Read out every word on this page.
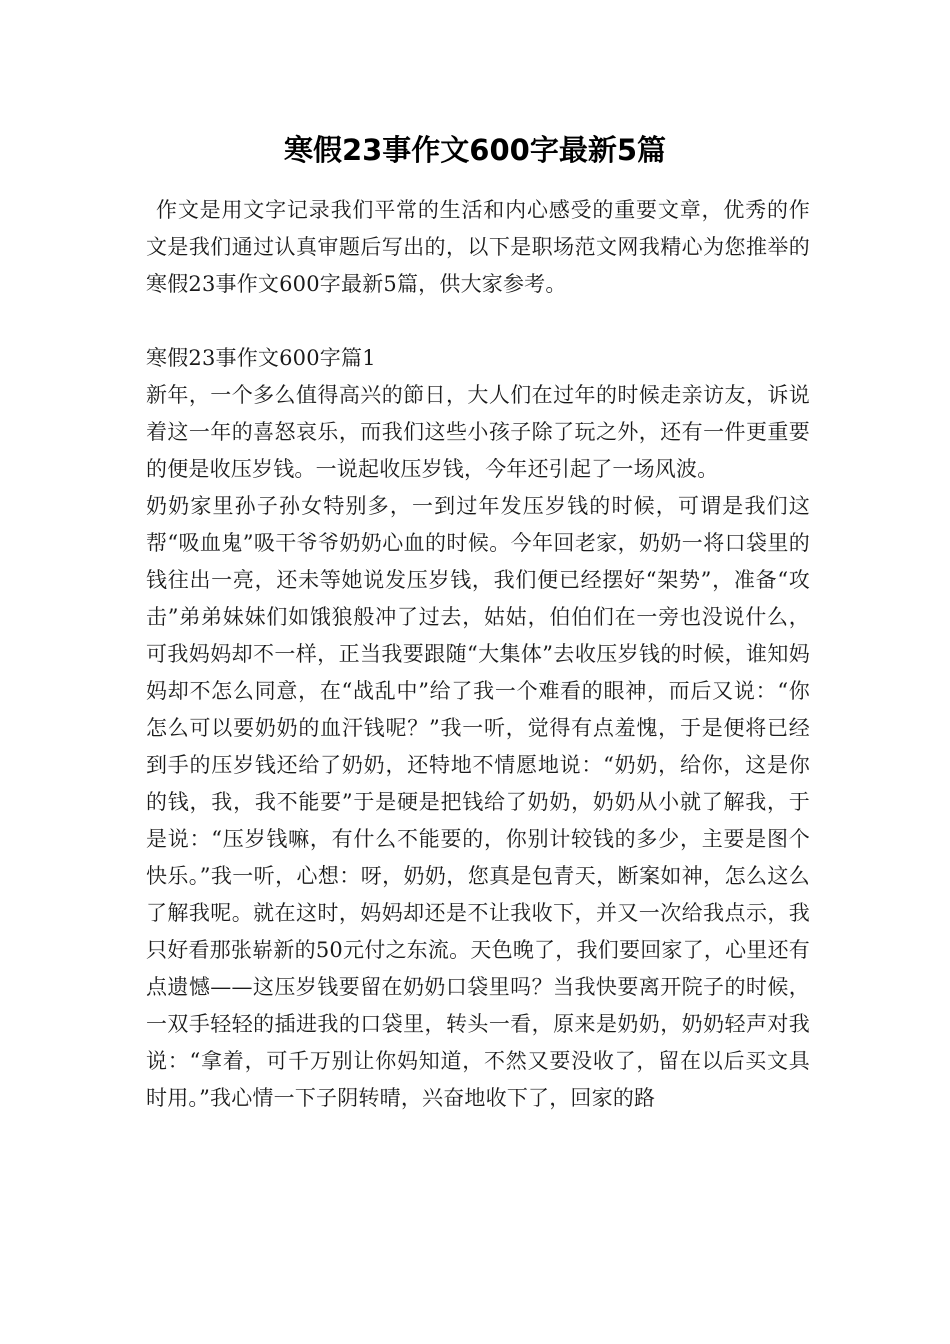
寒假23事作文600字最新5篇

作文是用文字记录我们平常的生活和内心感受的重要文章，优秀的作文是我们通过认真审题后写出的，以下是职场范文网我精心为您推举的寒假23事作文600字最新5篇，供大家参考。

寒假23事作文600字篇1

新年，一个多么值得高兴的節日，大人们在过年的时候走亲访友，诉说着这一年的喜怒哀乐，而我们这些小孩子除了玩之外，还有一件更重要的便是收压岁钱。一说起收压岁钱，今年还引起了一场风波。

奶奶家里孙子孙女特别多，一到过年发压岁钱的时候，可谓是我们这帮“吸血鬼”吸干爷爷奶奶心血的时候。今年回老家，奶奶一将口袋里的钱往出一亮，还未等她说发压岁钱，我们便已经摆好“架势”，准备“攻击”弟弟妹妹们如饿狼般冲了过去，姑姑，伯伯们在一旁也没说什么，可我妈妈却不一样，正当我要跟随“大集体”去收压岁钱的时候，谁知妈妈却不怎么同意，在“战乱中”给了我一个难看的眼神，而后又说：“你怎么可以要奶奶的血汗钱呢？”我一听，觉得有点羞愧，于是便将已经到手的压岁钱还给了奶奶，还特地不情愿地说：“奶奶，给你，这是你的钱，我，我不能要”于是硬是把钱给了奶奶，奶奶从小就了解我，于是说：“压岁钱嘛，有什么不能要的，你别计较钱的多少，主要是图个快乐。”我一听，心想：呀，奶奶，您真是包青天，断案如神，怎么这么了解我呢。就在这时，妈妈却还是不让我收下，并又一次给我点示，我只好看那张崭新的50元付之东流。天色晚了，我们要回家了，心里还有点遗憾——这压岁钱要留在奶奶口袋里吗？当我快要离开院子的时候，一双手轻轻的插进我的口袋里，转头一看，原来是奶奶，奶奶轻声对我说：“拿着，可千万别让你妈知道，不然又要没收了，留在以后买文具时用。”我心情一下子阴转晴，兴奋地收下了，回家的路
